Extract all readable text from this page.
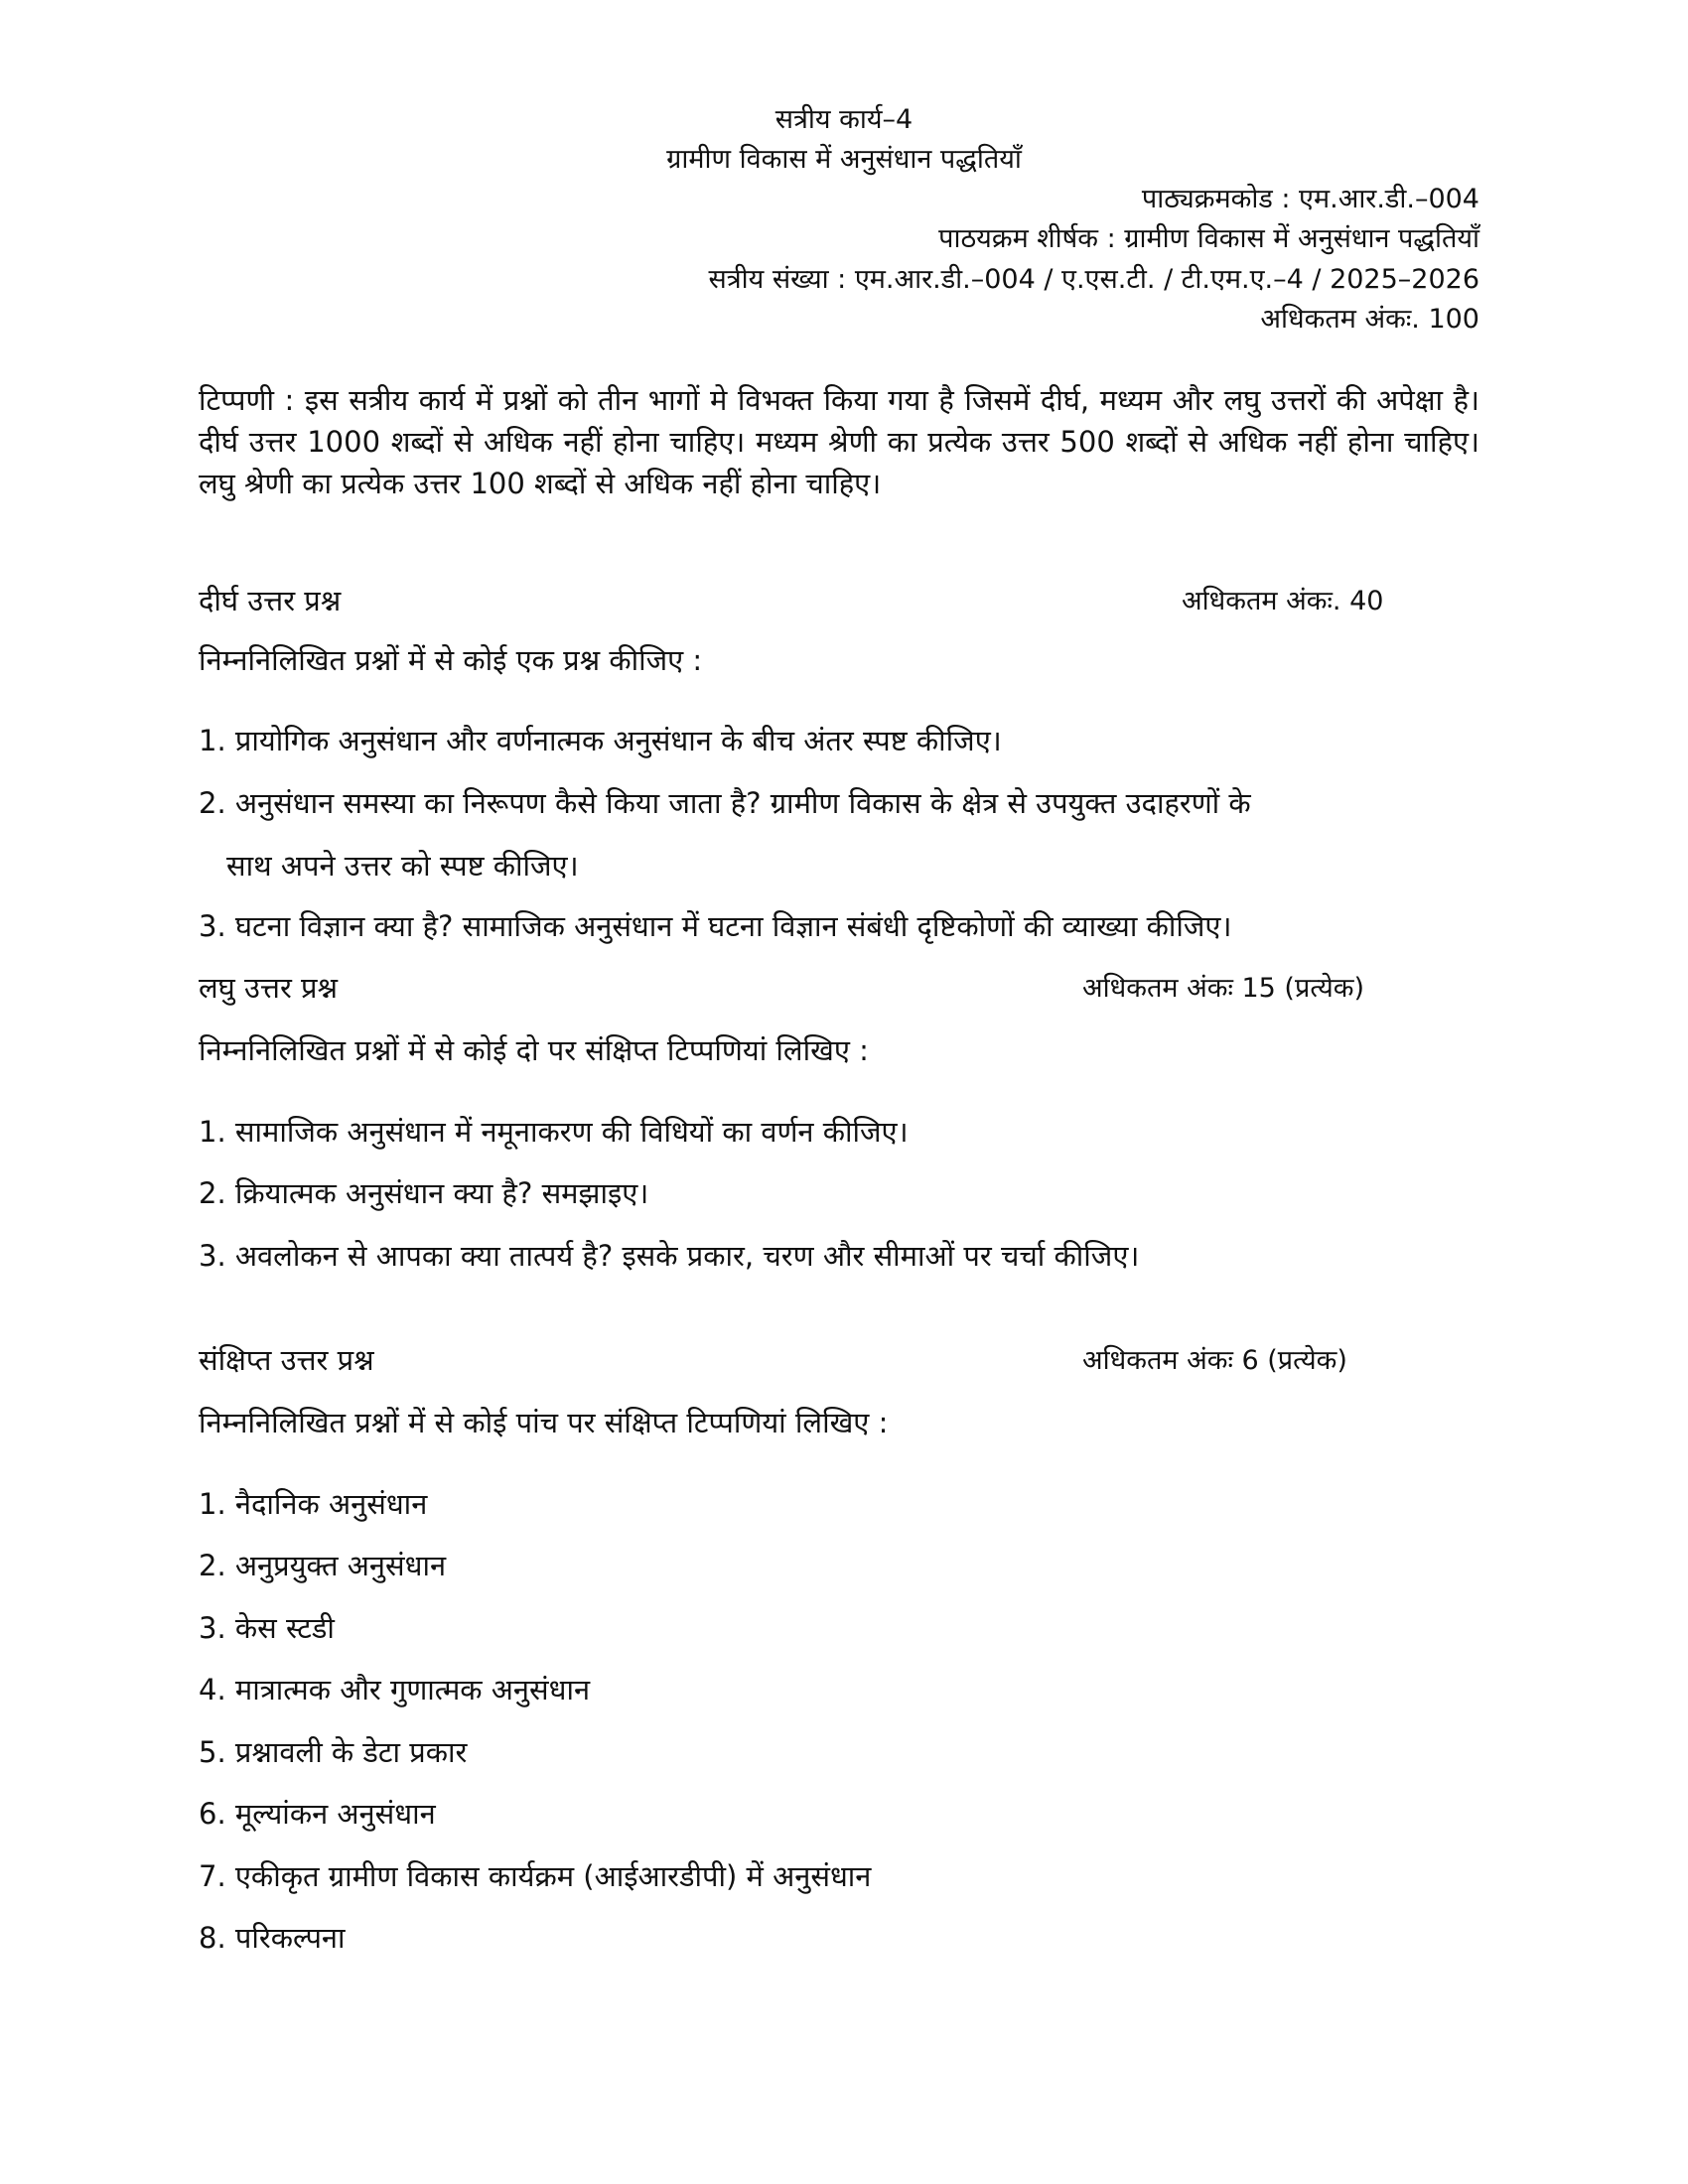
सत्रीय कार्य–4
ग्रामीण विकास में अनुसंधान पद्धतियाँ
पाठ्यक्रमकोड : एम.आर.डी.–004
पाठयक्रम शीर्षक : ग्रामीण विकास में अनुसंधान पद्धतियाँ
सत्रीय संख्या : एम.आर.डी.–004 / ए.एस.टी. / टी.एम.ए.–4 / 2025–2026
अधिकतम अंकः. 100
टिप्पणी : इस सत्रीय कार्य में प्रश्नों को तीन भागों मे विभक्त किया गया है जिसमें दीर्घ, मध्यम और लघु उत्तरों की अपेक्षा है। दीर्घ उत्तर 1000 शब्दों से अधिक नहीं होना चाहिए। मध्यम श्रेणी का प्रत्येक उत्तर 500 शब्दों से अधिक नहीं होना चाहिए। लघु श्रेणी का प्रत्येक उत्तर 100 शब्दों से अधिक नहीं होना चाहिए।
दीर्घ उत्तर प्रश्न	अधिकतम अंकः. 40
निम्ननिलिखित प्रश्नों में से कोई एक प्रश्न कीजिए :
1. प्रायोगिक अनुसंधान और वर्णनात्मक अनुसंधान के बीच अंतर स्पष्ट कीजिए।
2. अनुसंधान समस्या का निरूपण कैसे किया जाता है? ग्रामीण विकास के क्षेत्र से उपयुक्त उदाहरणों के
साथ अपने उत्तर को स्पष्ट कीजिए।
3. घटना विज्ञान क्या है? सामाजिक अनुसंधान में घटना विज्ञान संबंधी दृष्टिकोणों की व्याख्या कीजिए।
लघु उत्तर प्रश्न	अधिकतम अंकः 15 (प्रत्येक)
निम्ननिलिखित प्रश्नों में से कोई दो पर संक्षिप्त टिप्पणियां लिखिए :
1. सामाजिक अनुसंधान में नमूनाकरण की विधियों का वर्णन कीजिए।
2. क्रियात्मक अनुसंधान क्या है? समझाइए।
3. अवलोकन से आपका क्या तात्पर्य है? इसके प्रकार, चरण और सीमाओं पर चर्चा कीजिए।
संक्षिप्त उत्तर प्रश्न	अधिकतम अंकः 6 (प्रत्येक)
निम्ननिलिखित प्रश्नों में से कोई पांच पर संक्षिप्त टिप्पणियां लिखिए :
1. नैदानिक अनुसंधान
2. अनुप्रयुक्त अनुसंधान
3. केस स्टडी
4. मात्रात्मक और गुणात्मक अनुसंधान
5. प्रश्नावली के डेटा प्रकार
6. मूल्यांकन अनुसंधान
7. एकीकृत ग्रामीण विकास कार्यक्रम (आईआरडीपी) में अनुसंधान
8. परिकल्पना
